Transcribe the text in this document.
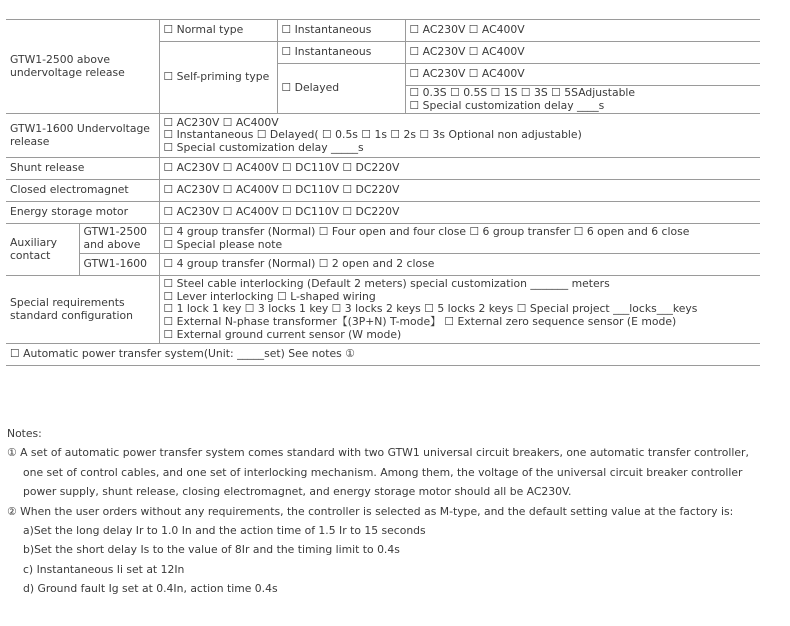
GTW1-2500 above undervoltage release		☐ Normal type	☐ Instantaneous	☐ AC230V ☐ AC400V
		☐ Self-priming type	☐ Instantaneous	☐ AC230V ☐ AC400V
			☐ Delayed	☐ AC230V ☐ AC400V

				☐ 0.3S ☐ 0.5S ☐ 1S ☐ 3S ☐ 5SAdjustable
☐ Special customization delay ____s

GTW1-1600 Undervoltage release		☐ AC230V ☐ AC400V
☐ Instantaneous ☐ Delayed( ☐ 0.5s ☐ 1s ☐ 2s ☐ 3s Optional non adjustable)
☐ Special customization delay _____s		

Shunt release		☐ AC230V ☐ AC400V ☐ DC110V ☐ DC220V		
Closed electromagnet		☐ AC230V ☐ AC400V ☐ DC110V ☐ DC220V		
Energy storage motor		☐ AC230V ☐ AC400V ☐ DC110V ☐ DC220V		
Auxiliary contact	GTW1-2500 and above	☐ 4 group transfer (Normal) ☐ Four open and four close ☐ 6 group transfer ☐ 6 open and 6 close
☐ Special please note		

	GTW1-1600	☐ 4 group transfer (Normal) ☐ 2 open and 2 close		
Special requirements standard configuration		☐ Steel cable interlocking (Default 2 meters) special customization _______ meters
☐ Lever interlocking ☐ L-shaped wiring
☐ 1 lock 1 key ☐ 3 locks 1 key ☐ 3 locks 2 keys ☐ 5 locks 2 keys ☐ Special project ___locks___keys
☐ External N-phase transformer【(3P+N) T-mode】 ☐ External zero sequence sensor (E mode)
☐ External ground current sensor (W mode)		

☐ Automatic power transfer system(Unit: _____set) See notes ①				
Notes:
① A set of automatic power transfer system comes standard with two GTW1 universal circuit breakers, one automatic transfer controller,
one set of control cables, and one set of interlocking mechanism. Among them, the voltage of the universal circuit breaker controller
power supply, shunt release, closing electromagnet, and energy storage motor should all be AC230V.
② When the user orders without any requirements, the controller is selected as M-type, and the default setting value at the factory is:
a)Set the long delay Ir to 1.0 In and the action time of 1.5 Ir to 15 seconds
b)Set the short delay Is to the value of 8Ir and the timing limit to 0.4s
c) Instantaneous Ii set at 12In
d) Ground fault Ig set at 0.4In, action time 0.4s
